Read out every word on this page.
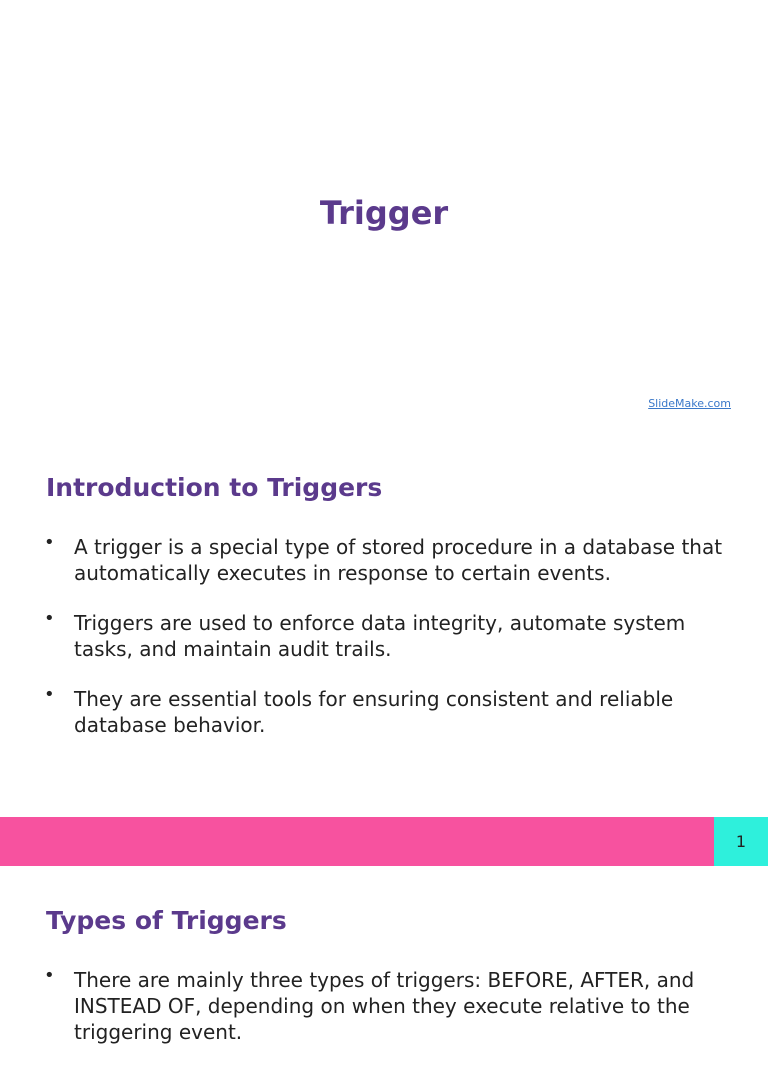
Trigger
SlideMake.com
Introduction to Triggers
• A trigger is a special type of stored procedure in a database that automatically executes in response to certain events.
• Triggers are used to enforce data integrity, automate system tasks, and maintain audit trails.
• They are essential tools for ensuring consistent and reliable database behavior.
1
Types of Triggers
• There are mainly three types of triggers: BEFORE, AFTER, and INSTEAD OF, depending on when they execute relative to the triggering event.
